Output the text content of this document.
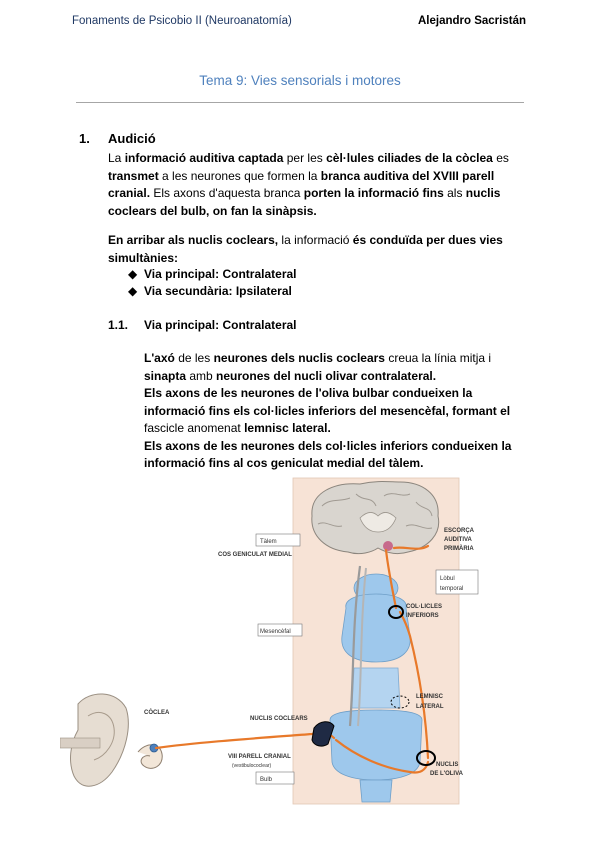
Fonaments de Psicobio II (Neuroanatomía)	Alejandro Sacristán
Tema 9: Vies sensorials i motores
1. Audició
La informació auditiva captada per les cèl·lules ciliades de la còclea es transmet a les neurones que formen la branca auditiva del XVIII parell cranial. Els axons d'aquesta branca porten la informació fins als nuclis coclears del bulb, on fan la sinàpsis.
En arribar als nuclis coclears, la informació és conduïda per dues vies simultànies:
◆ Via principal: Contralateral
◆ Via secundària: Ipsilateral
1.1. Via principal: Contralateral
L'axó de les neurones dels nuclis coclears creua la línia mitja i sinapta amb neurones del nucli olivar contralateral.
Els axons de les neurones de l'oliva bulbar condueixen la informació fins els col·licles inferiors del mesencèfal, formant el fascicle anomenat lemnisc lateral.
Els axons de les neurones dels col·licles inferiors condueixen la informació fins al cos geniculat medial del tàlem.
Tàlem
COS GENICULAT MEDIAL
ESCORÇA
AUDITIVA
PRIMÀRIA
Lòbul
temporal
COL·LICLES
INFERIORS
Mesencèfal
CÒCLEA
LEMNISC
LATERAL
NUCLIS COCLEARS
VIII PARELL CRANIAL
(vestibulococlear)
Bulb
NUCLIS
DE L'OLIVA
